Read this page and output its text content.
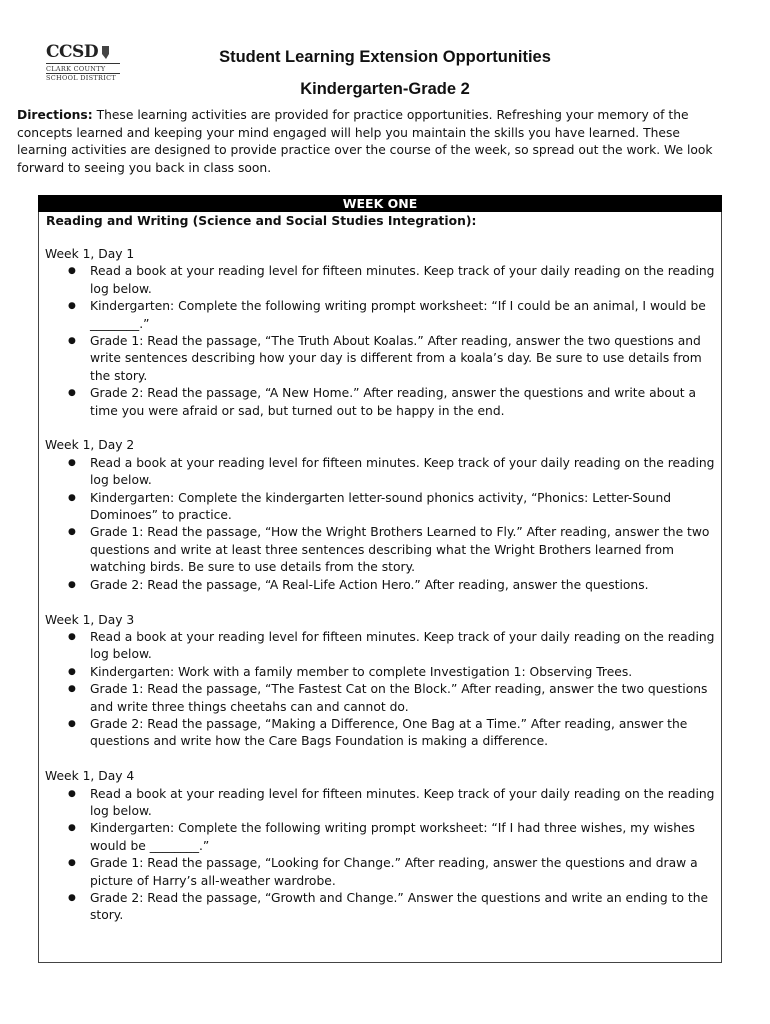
CCSD
CLARK COUNTY
SCHOOL DISTRICT
Student Learning Extension Opportunities
Kindergarten-Grade 2
Directions: These learning activities are provided for practice opportunities. Refreshing your memory of the concepts learned and keeping your mind engaged will help you maintain the skills you have learned. These learning activities are designed to provide practice over the course of the week, so spread out the work. We look forward to seeing you back in class soon.
WEEK ONE
Reading and Writing (Science and Social Studies Integration):
Week 1, Day 1
● Read a book at your reading level for fifteen minutes. Keep track of your daily reading on the reading log below.
● Kindergarten: Complete the following writing prompt worksheet: “If I could be an animal, I would be ________.”
● Grade 1: Read the passage, “The Truth About Koalas.” After reading, answer the two questions and write sentences describing how your day is different from a koala’s day. Be sure to use details from the story.
● Grade 2: Read the passage, “A New Home.” After reading, answer the questions and write about a time you were afraid or sad, but turned out to be happy in the end.
Week 1, Day 2
● Read a book at your reading level for fifteen minutes. Keep track of your daily reading on the reading log below.
● Kindergarten: Complete the kindergarten letter-sound phonics activity, “Phonics: Letter-Sound Dominoes” to practice.
● Grade 1: Read the passage, “How the Wright Brothers Learned to Fly.” After reading, answer the two questions and write at least three sentences describing what the Wright Brothers learned from watching birds. Be sure to use details from the story.
● Grade 2: Read the passage, “A Real-Life Action Hero.” After reading, answer the questions.
Week 1, Day 3
● Read a book at your reading level for fifteen minutes. Keep track of your daily reading on the reading log below.
● Kindergarten: Work with a family member to complete Investigation 1: Observing Trees.
● Grade 1: Read the passage, “The Fastest Cat on the Block.” After reading, answer the two questions and write three things cheetahs can and cannot do.
● Grade 2: Read the passage, “Making a Difference, One Bag at a Time.” After reading, answer the questions and write how the Care Bags Foundation is making a difference.
Week 1, Day 4
● Read a book at your reading level for fifteen minutes. Keep track of your daily reading on the reading log below.
● Kindergarten: Complete the following writing prompt worksheet: “If I had three wishes, my wishes would be ________.”
● Grade 1: Read the passage, “Looking for Change.” After reading, answer the questions and draw a picture of Harry’s all-weather wardrobe.
● Grade 2: Read the passage, “Growth and Change.” Answer the questions and write an ending to the story.
